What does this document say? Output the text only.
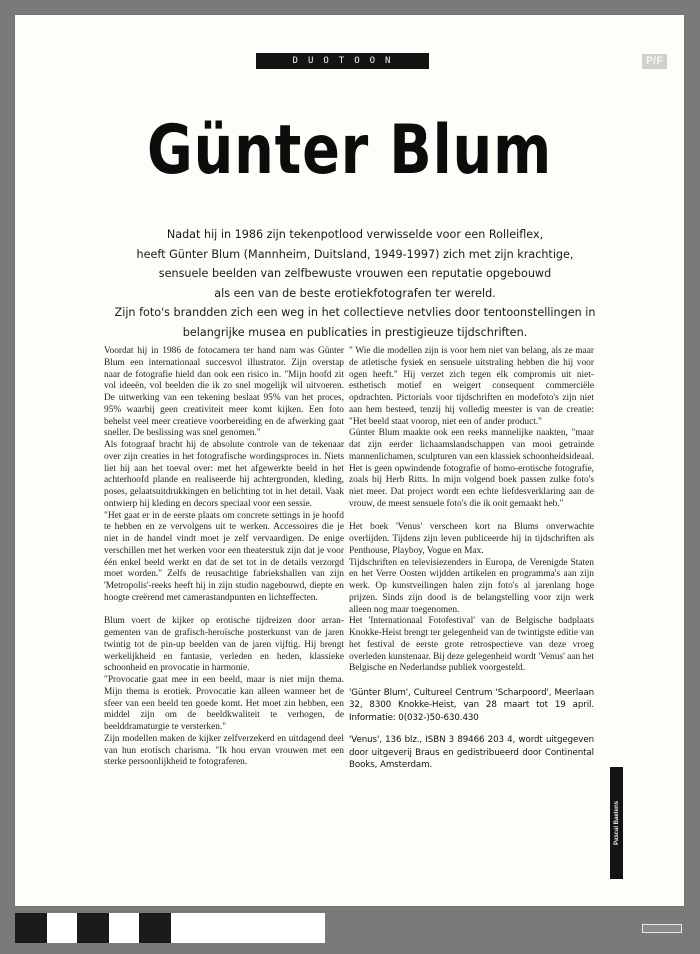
DUOTOON	P/F
Günter Blum

Nadat hij in 1986 zijn tekenpotlood verwisselde voor een Rolleiflex,

heeft Günter Blum (Mannheim, Duitsland, 1949-1997) zich met zijn krachtige,

sensuele beelden van zelfbewuste vrouwen een reputatie opgebouwd

als een van de beste erotiekfotografen ter wereld.

Zijn foto's brandden zich een weg in het collectieve netvlies door tentoonstellingen in

belangrijke musea en publicaties in prestigieuze tijdschriften.

Voordat hij in 1986 de fotocamera ter hand nam was Günter Blum een internationaal succesvol illustrator. Zijn overstap naar de fotografie hield dan ook een risico in. "Mijn hoofd zit vol ideeën, vol beelden die ik zo snel mogelijk wil uitvoeren. De uitwerking van een tekening beslaat 95% van het proces, 95% waarbij geen creativiteit meer komt kijken. Een foto behelst veel meer creatieve voorbereiding en de afwerking gaat sneller. De beslissing was snel genomen."

Als fotograaf bracht hij de absolute controle van de tekenaar over zijn creaties in het fotografische wordingsproces in. Niets liet hij aan het toeval over: met het afgewerkte beeld in het achterhoofd plande en realiseerde hij achtergronden, kleding, poses, gelaatsuitdrukkingen en belichting tot in het detail. Vaak ontwierp hij kleding en decors speciaal voor een sessie.

"Het gaat er in de eerste plaats om concrete settings in je hoofd te hebben en ze vervolgens uit te werken. Accessoires die je niet in de handel vindt moet je zelf vervaardigen. De enige verschillen met het werken voor een theaterstuk zijn dat je voor één enkel beeld werkt en dat de set tot in de details verzorgd moet worden." Zelfs de reusachtige fabriekshallen van zijn 'Metropolis'-reeks heeft hij in zijn studio nagebouwd, diepte en hoogte creërend met camerastandpunten en lichteffecten.

Blum voert de kijker op erotische tijdreizen door arrangementen van de grafisch-heroïsche posterkunst van de jaren twintig tot de pin-up beelden van de jaren vijftig. Hij brengt werkelijkheid en fantasie, verleden en heden, klassieke schoonheid en provocatie in harmonie.

"Provocatie gaat mee in een beeld, maar is niet mijn thema. Mijn thema is erotiek. Provocatie kan alleen wanneer het de sfeer van een beeld ten goede komt. Het moet zin hebben, een middel zijn om de beeldkwaliteit te verhogen, de beelddramaturgie te versterken."

Zijn modellen maken de kijker zelfverzekerd en uitdagend deel van hun erotisch charisma. "Ik hou ervan vrouwen met een sterke persoonlijkheid te fotograferen.

" Wie die modellen zijn is voor hem niet van belang, als ze maar de atletische fysiek en sensuele uitstraling hebben die hij voor ogen heeft." Hij verzet zich tegen elk compromis uit niet-esthetisch motief en weigert consequent commerciële opdrachten. Pictorials voor tijdschriften en modefoto's zijn niet aan hem besteed, tenzij hij volledig meester is van de creatie: "Het beeld staat voorop, niet een of ander product."

Günter Blum maakte ook een reeks mannelijke naakten, "maar dat zijn eerder lichaamslandschappen van mooi getrainde mannenlichamen, sculpturen van een klassiek schoonheidsideaal. Het is geen opwindende fotografie of homo-erotische fotografie, zoals bij Herb Ritts. In mijn volgend boek passen zulke foto's niet meer. Dat project wordt een echte liefdesverklaring aan de vrouw, de meest sensuele foto's die ik ooit gemaakt heb."

Het boek 'Venus' verscheen kort na Blums onverwachte overlijden. Tijdens zijn leven publiceerde hij in tijdschriften als Penthouse, Playboy, Vogue en Max.

Tijdschriften en televisiezenders in Europa, de Verenigde Staten en het Verre Oosten wijdden artikelen en programma's aan zijn werk. Op kunstveilingen halen zijn foto's al jarenlang hoge prijzen. Sinds zijn dood is de belangstelling voor zijn werk alleen nog maar toegenomen.

Het 'Internationaal Fotofestival' van de Belgische badplaats Knokke-Heist brengt ter gelegenheid van de twintigste editie van het festival de eerste grote retrospectieve van deze vroeg overleden kunstenaar. Bij deze gelegenheid wordt 'Venus' aan het Belgische en Nederlandse publiek voorgesteld.

'Günter Blum', Cultureel Centrum 'Scharpoord', Meerlaan 32, 8300 Knokke-Heist, van 28 maart tot 19 april. Informatie: 0(032-)50-630.430

'Venus', 136 blz., ISBN 3 89466 203 4, wordt uitgegeven door uitgeverij Braus en gedistribueerd door Continental Books, Amsterdam.

Pascal Baetens
